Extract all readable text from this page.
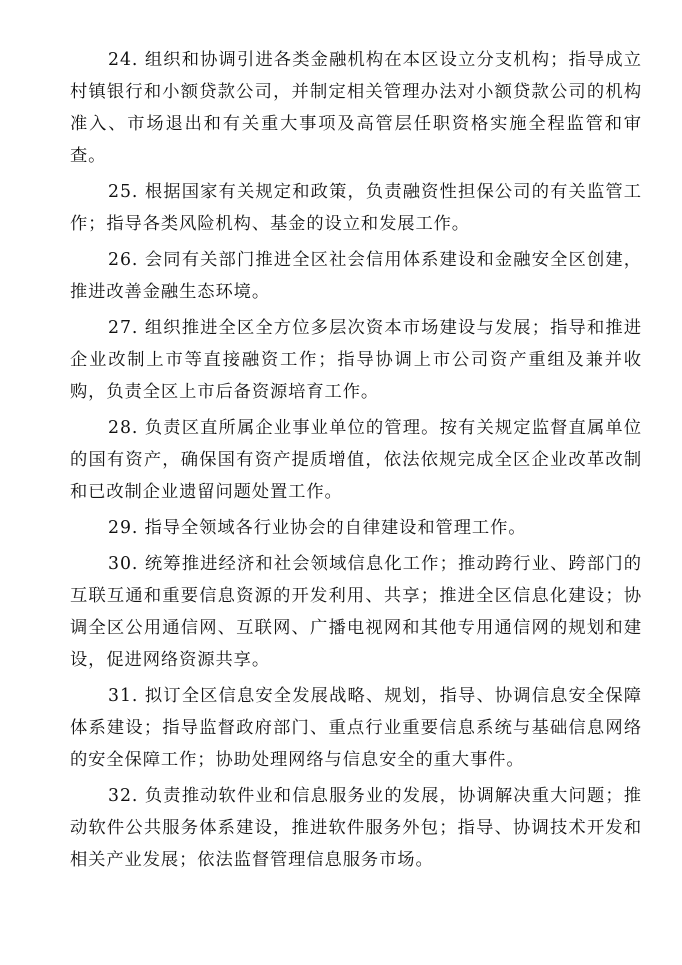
24. 组织和协调引进各类金融机构在本区设立分支机构；指导成立村镇银行和小额贷款公司，并制定相关管理办法对小额贷款公司的机构准入、市场退出和有关重大事项及高管层任职资格实施全程监管和审查。

25. 根据国家有关规定和政策，负责融资性担保公司的有关监管工作；指导各类风险机构、基金的设立和发展工作。

26. 会同有关部门推进全区社会信用体系建设和金融安全区创建，推进改善金融生态环境。

27. 组织推进全区全方位多层次资本市场建设与发展；指导和推进企业改制上市等直接融资工作；指导协调上市公司资产重组及兼并收购，负责全区上市后备资源培育工作。

28. 负责区直所属企业事业单位的管理。按有关规定监督直属单位的国有资产，确保国有资产提质增值，依法依规完成全区企业改革改制和已改制企业遗留问题处置工作。

29. 指导全领域各行业协会的自律建设和管理工作。

30. 统筹推进经济和社会领域信息化工作；推动跨行业、跨部门的互联互通和重要信息资源的开发利用、共享；推进全区信息化建设；协调全区公用通信网、互联网、广播电视网和其他专用通信网的规划和建设，促进网络资源共享。

31. 拟订全区信息安全发展战略、规划，指导、协调信息安全保障体系建设；指导监督政府部门、重点行业重要信息系统与基础信息网络的安全保障工作；协助处理网络与信息安全的重大事件。

32. 负责推动软件业和信息服务业的发展，协调解决重大问题；推动软件公共服务体系建设，推进软件服务外包；指导、协调技术开发和相关产业发展；依法监督管理信息服务市场。
